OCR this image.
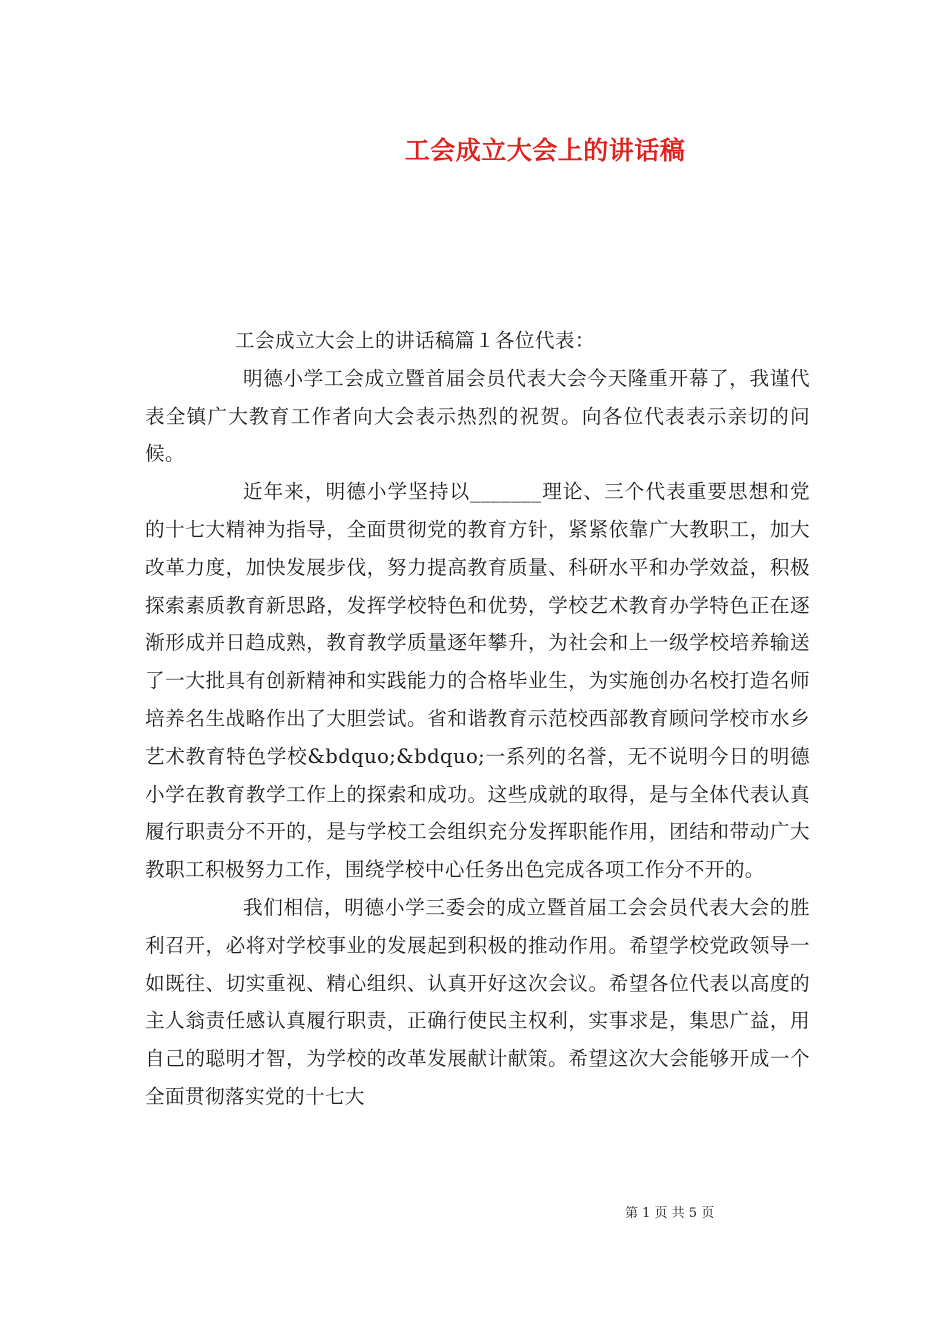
工会成立大会上的讲话稿

工会成立大会上的讲话稿篇１各位代表：

明德小学工会成立暨首届会员代表大会今天隆重开幕了，我谨代表全镇广大教育工作者向大会表示热烈的祝贺。向各位代表表示亲切的问候。

近年来，明德小学坚持以_______理论、三个代表重要思想和党的十七大精神为指导，全面贯彻党的教育方针，紧紧依靠广大教职工，加大改革力度，加快发展步伐，努力提高教育质量、科研水平和办学效益，积极探索素质教育新思路，发挥学校特色和优势，学校艺术教育办学特色正在逐渐形成并日趋成熟，教育教学质量逐年攀升，为社会和上一级学校培养输送了一大批具有创新精神和实践能力的合格毕业生，为实施创办名校打造名师培养名生战略作出了大胆尝试。省和谐教育示范校西部教育顾问学校市水乡艺术教育特色学校&bdquo;&bdquo;一系列的名誉，无不说明今日的明德小学在教育教学工作上的探索和成功。这些成就的取得，是与全体代表认真履行职责分不开的，是与学校工会组织充分发挥职能作用，团结和带动广大教职工积极努力工作，围绕学校中心任务出色完成各项工作分不开的。

我们相信，明德小学三委会的成立暨首届工会会员代表大会的胜利召开，必将对学校事业的发展起到积极的推动作用。希望学校党政领导一如既往、切实重视、精心组织、认真开好这次会议。希望各位代表以高度的主人翁责任感认真履行职责，正确行使民主权利，实事求是，集思广益，用自己的聪明才智，为学校的改革发展献计献策。希望这次大会能够开成一个全面贯彻落实党的十七大

第 1 页 共 5 页
